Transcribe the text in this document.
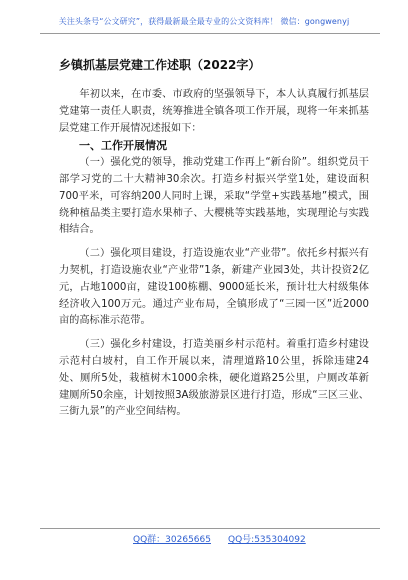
关注头条号“公文研究”，获得最新最全最专业的公文资料库！ 微信：gongwenyj
乡镇抓基层党建工作述职（2022字）

年初以来，在市委、市政府的坚强领导下，本人认真履行抓基层党建第一责任人职责，统筹推进全镇各项工作开展，现将一年来抓基层党建工作开展情况述报如下：

一、工作开展情况

（一）强化党的领导，推动党建工作再上“新台阶”。组织党员干部学习党的二十大精神30余次。打造乡村振兴学堂1处，建设面积700平米，可容纳200人同时上课，采取“学堂+实践基地”模式，围绕种植品类主要打造水果柿子、大樱桃等实践基地，实现理论与实践相结合。

（二）强化项目建设，打造设施农业“产业带”。依托乡村振兴有力契机，打造设施农业“产业带”1条，新建产业园3处，共计投资2亿元，占地1000亩，建设100栋棚、9000延长米，预计壮大村级集体经济收入100万元。通过产业布局，全镇形成了“三园一区”近2000亩的高标准示范带。

（三）强化乡村建设，打造美丽乡村示范村。着重打造乡村建设示范村白坡村，自工作开展以来，清理道路10公里，拆除违建24处、厕所5处，栽植树木1000余株，硬化道路25公里，户厕改革新建厕所50余座，计划按照3A级旅游景区进行打造，形成“三区三业、三街九景”的产业空间结构。

QQ群：30265665 QQ号:535304092
